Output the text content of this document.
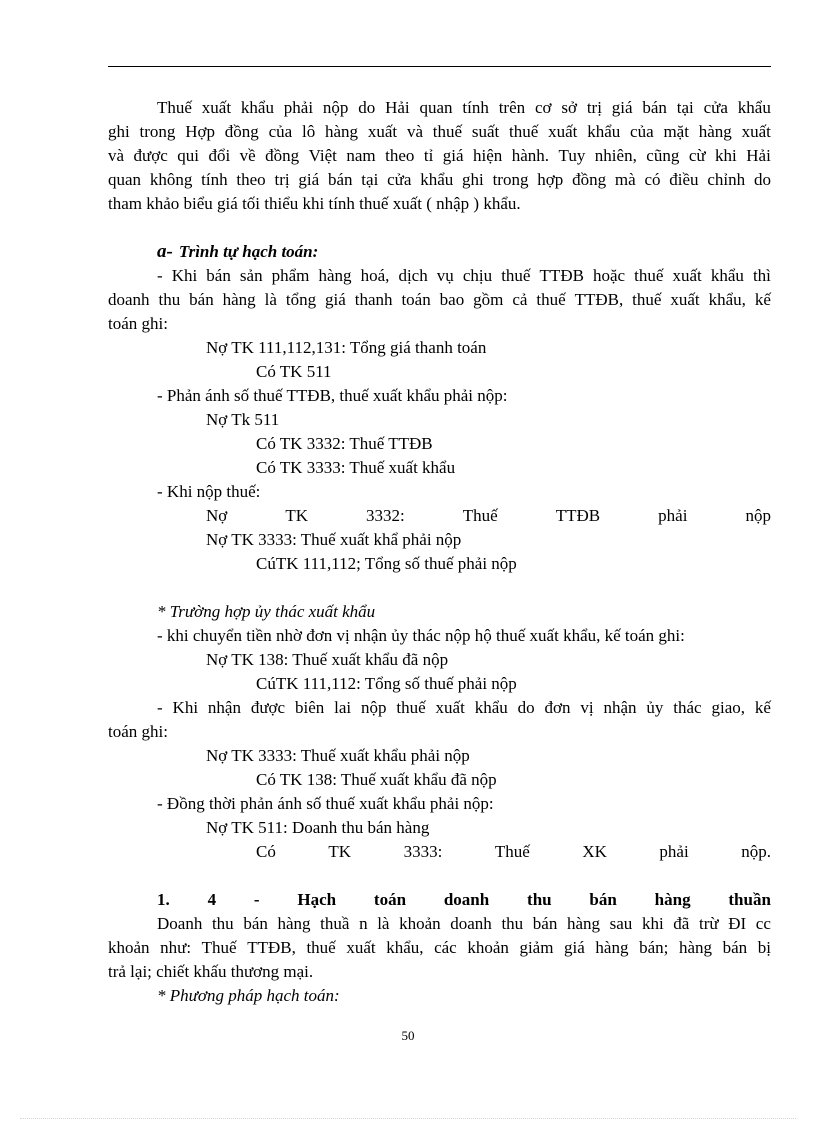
Thuế xuất khẩu phải nộp do Hải quan tính trên cơ sở trị giá bán tại cửa khẩu
ghi trong Hợp đồng của lô hàng xuất và thuế suất thuế xuất khẩu của mặt hàng xuất
và được qui đổi về đồng Việt nam theo tỉ giá hiện hành. Tuy nhiên, cũng cừ khi Hải
quan không tính theo trị giá bán tại cửa khẩu ghi trong hợp đồng mà có điều chỉnh do
tham khảo biểu giá tối thiểu khi tính thuế xuất ( nhập ) khẩu.
a- Trình tự hạch toán:
- Khi bán sản phẩm hàng hoá, dịch vụ chịu thuế TTĐB hoặc thuế xuất khẩu thì
doanh thu bán hàng là tổng giá thanh toán bao gồm cả thuế TTĐB, thuế xuất khẩu, kế
toán ghi:
Nợ TK 111,112,131: Tổng giá thanh toán
Có TK 511
- Phản ánh số thuế TTĐB, thuế xuất khẩu phải nộp:
Nợ Tk 511
Có TK 3332: Thuế TTĐB
Có TK 3333: Thuế xuất khẩu
- Khi nộp thuế:
Nợ	TK	3332:	Thuế	TTĐB	phải	nộp
Nợ TK 3333: Thuế xuất khẩ phải nộp
CúTK 111,112; Tổng số thuế phải nộp
* Trường hợp ủy thác xuất khẩu
- khi chuyển tiền nhờ đơn vị nhận ủy thác nộp hộ thuế xuất khẩu, kế toán ghi:
Nợ TK 138: Thuế xuất khẩu đã nộp
CúTK 111,112: Tổng số thuế phải nộp
- Khi nhận được biên lai nộp thuế xuất khẩu do đơn vị nhận ủy thác giao, kế
toán ghi:
Nợ TK 3333: Thuế xuất khẩu phải nộp
Có TK 138: Thuế xuất khẩu đã nộp
- Đồng thời phản ánh số thuế xuất khẩu phải nộp:
Nợ TK 511: Doanh thu bán hàng
Có	TK	3333:	Thuế	XK	phải	nộp.
1. 4 - Hạch toán doanh thu bán hàng thuần
Doanh thu bán hàng thuầ n là khoản doanh thu bán hàng sau khi đã trừ ĐI cc
khoản như: Thuế TTĐB, thuế xuất khẩu, các khoản giảm giá hàng bán; hàng bán bị
trả lại; chiết khấu thương mại.
* Phương pháp hạch toán:
50
